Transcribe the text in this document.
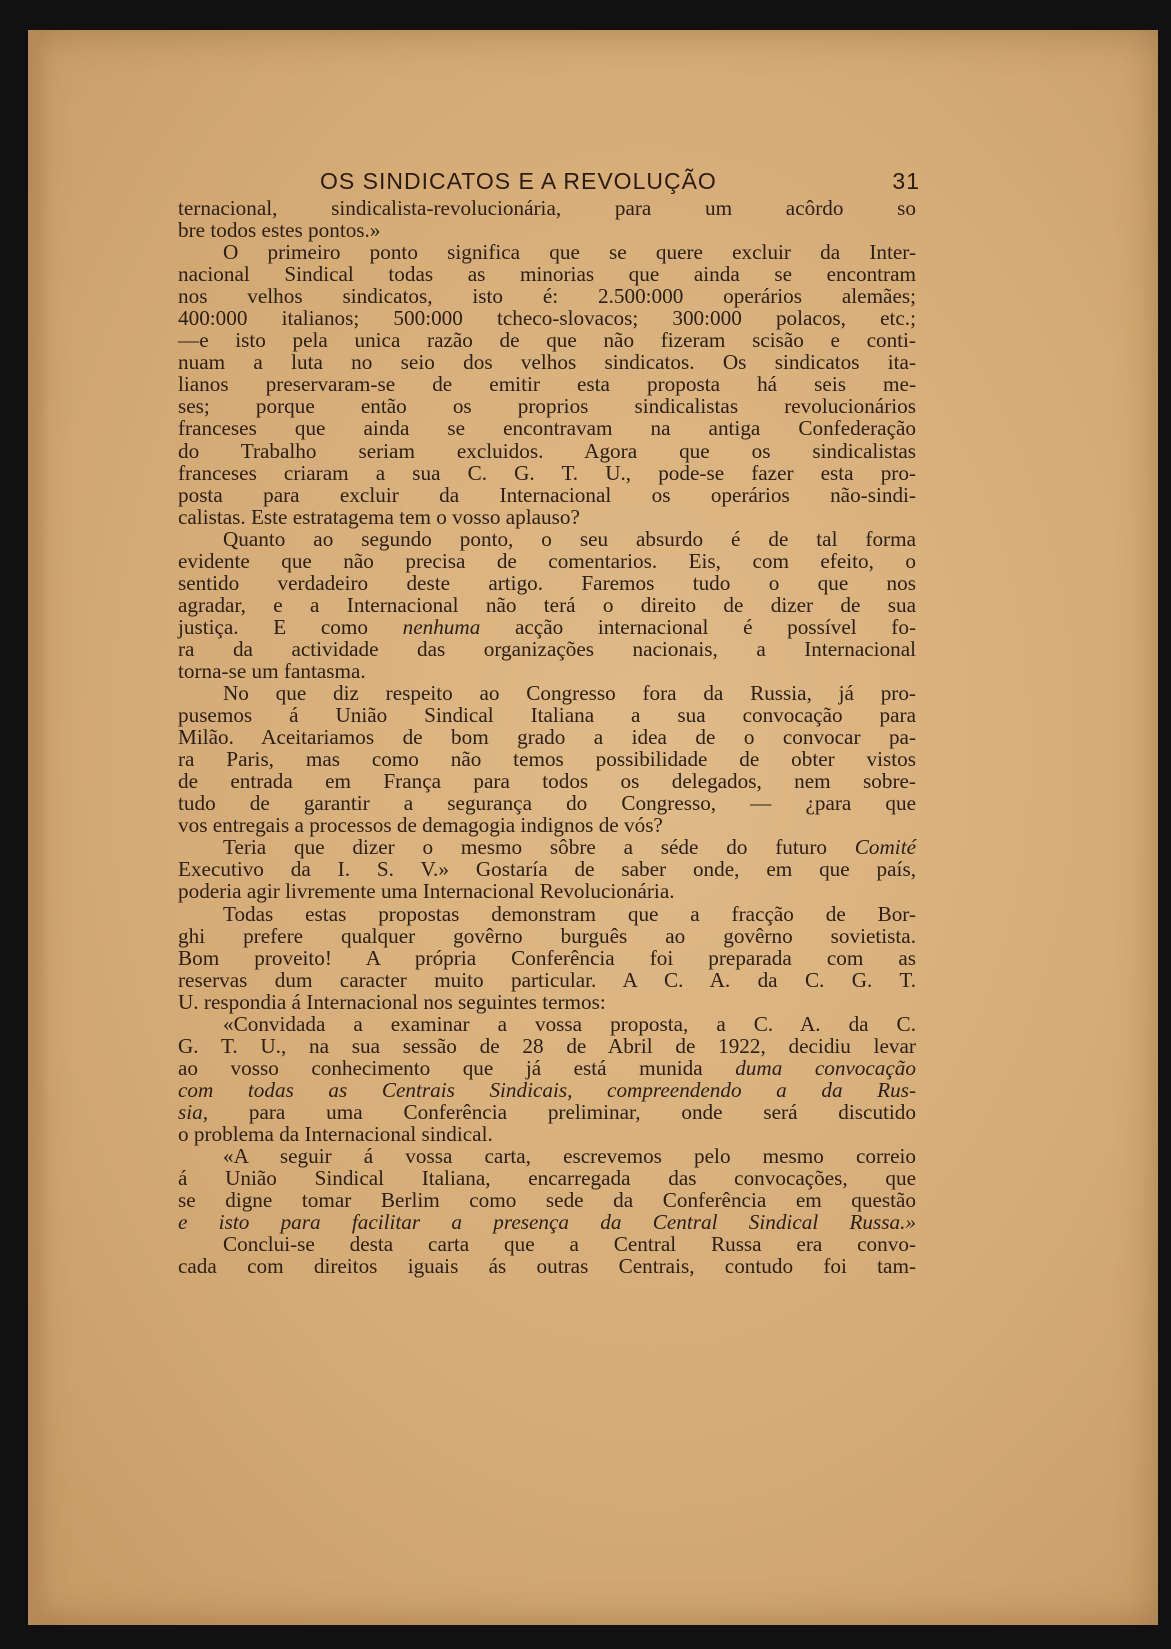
OS SINDICATOS E A REVOLUÇÃO	31
ternacional, sindicalista-revolucionária, para um acôrdo so
bre todos estes pontos.»
O primeiro ponto significa que se quere excluir da Inter-
nacional Sindical todas as minorias que ainda se encontram
nos velhos sindicatos, isto é: 2.500:000 operários alemães;
400:000 italianos; 500:000 tcheco-slovacos; 300:000 polacos, etc.;
—e isto pela unica razão de que não fizeram scisão e conti-
nuam a luta no seio dos velhos sindicatos. Os sindicatos ita-
lianos preservaram-se de emitir esta proposta há seis me-
ses; porque então os proprios sindicalistas revolucionários
franceses que ainda se encontravam na antiga Confederação
do Trabalho seriam excluidos. Agora que os sindicalistas
franceses criaram a sua C. G. T. U., pode-se fazer esta pro-
posta para excluir da Internacional os operários não-sindi-
calistas. Este estratagema tem o vosso aplauso?
Quanto ao segundo ponto, o seu absurdo é de tal forma
evidente que não precisa de comentarios. Eis, com efeito, o
sentido verdadeiro deste artigo. Faremos tudo o que nos
agradar, e a Internacional não terá o direito de dizer de sua
justiça. E como nenhuma acção internacional é possível fo-
ra da actividade das organizações nacionais, a Internacional
torna-se um fantasma.
No que diz respeito ao Congresso fora da Russia, já pro-
pusemos á União Sindical Italiana a sua convocação para
Milão. Aceitariamos de bom grado a idea de o convocar pa-
ra Paris, mas como não temos possibilidade de obter vistos
de entrada em França para todos os delegados, nem sobre-
tudo de garantir a segurança do Congresso, — ¿para que
vos entregais a processos de demagogia indignos de vós?
Teria que dizer o mesmo sôbre a séde do futuro Comité
Executivo da I. S. V.» Gostaría de saber onde, em que país,
poderia agir livremente uma Internacional Revolucionária.
Todas estas propostas demonstram que a fracção de Bor-
ghi prefere qualquer govêrno burguês ao govêrno sovietista.
Bom proveito! A própria Conferência foi preparada com as
reservas dum caracter muito particular. A C. A. da C. G. T.
U. respondia á Internacional nos seguintes termos:
«Convidada a examinar a vossa proposta, a C. A. da C.
G. T. U., na sua sessão de 28 de Abril de 1922, decidiu levar
ao vosso conhecimento que já está munida duma convocação
com todas as Centrais Sindicais, compreendendo a da Rus-
sia, para uma Conferência preliminar, onde será discutido
o problema da Internacional sindical.
«A seguir á vossa carta, escrevemos pelo mesmo correio
á União Sindical Italiana, encarregada das convocações, que
se digne tomar Berlim como sede da Conferência em questão
e isto para facilitar a presença da Central Sindical Russa.»
Conclui-se desta carta que a Central Russa era convo-
cada com direitos iguais ás outras Centrais, contudo foi tam-
